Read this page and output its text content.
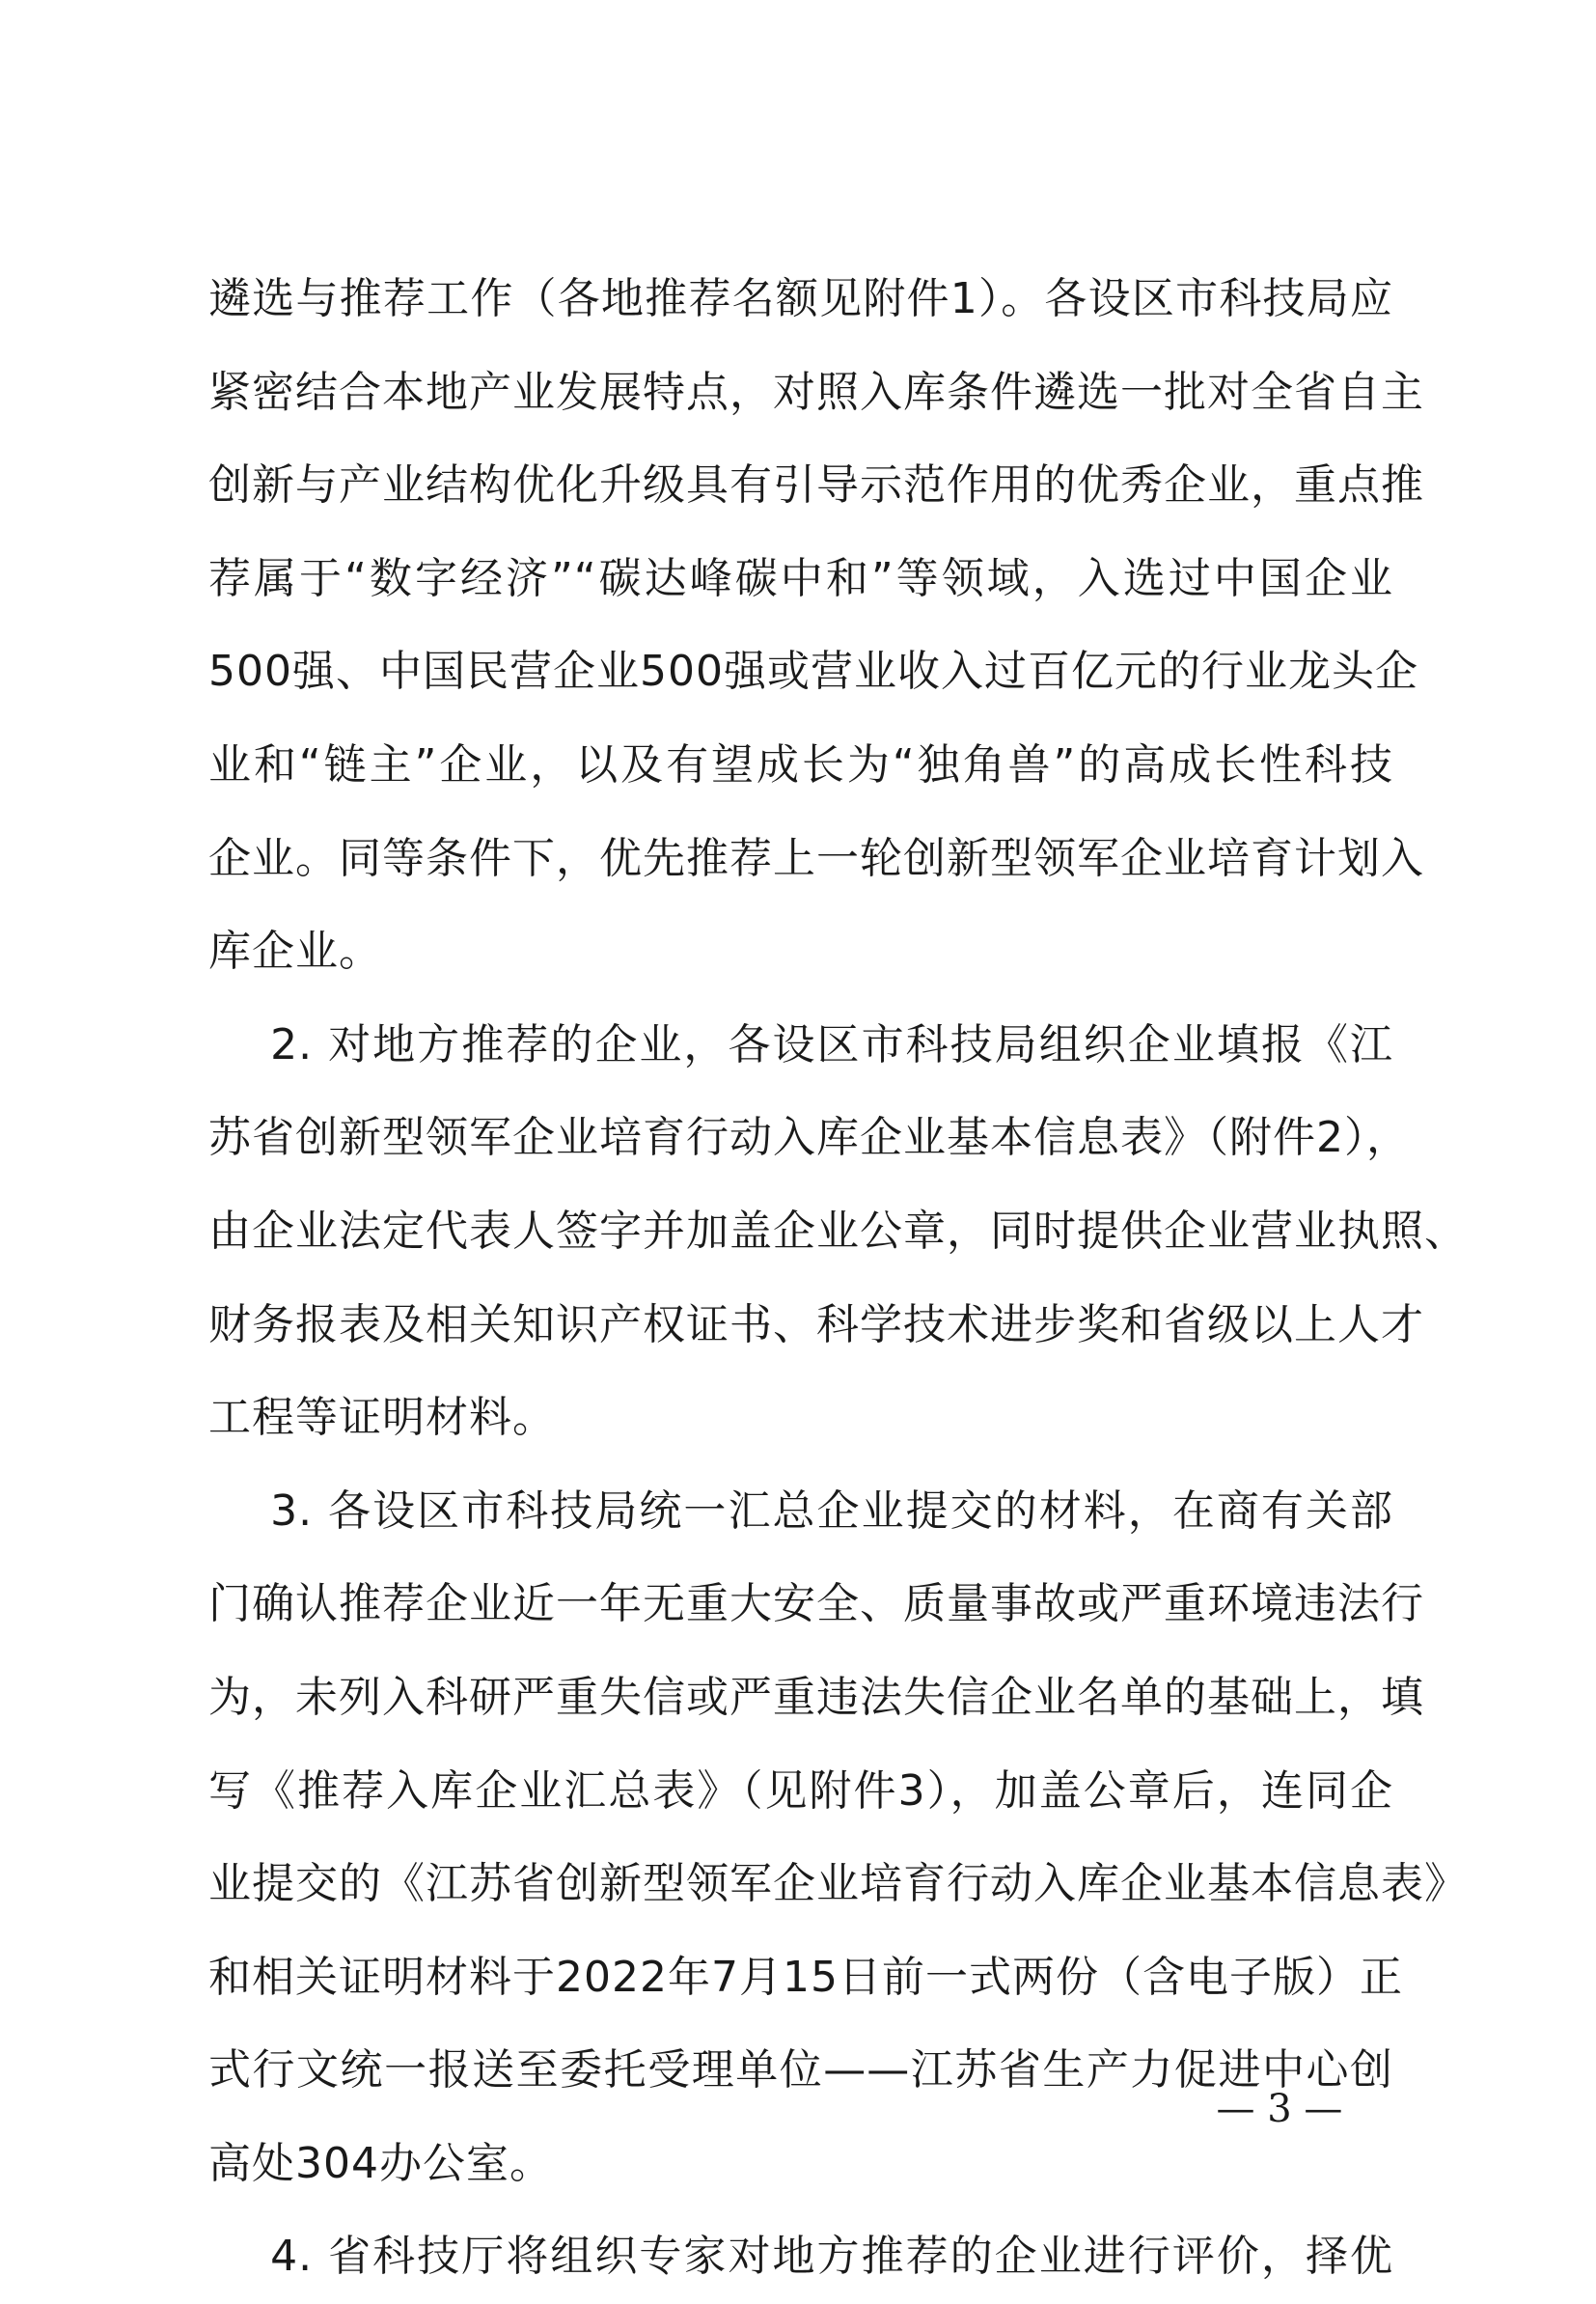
遴选与推荐工作（各地推荐名额见附件1）。各设区市科技局应
紧密结合本地产业发展特点，对照入库条件遴选一批对全省自主
创新与产业结构优化升级具有引导示范作用的优秀企业，重点推
荐属于“数字经济”“碳达峰碳中和”等领域，入选过中国企业
500强、中国民营企业500强或营业收入过百亿元的行业龙头企
业和“链主”企业，以及有望成长为“独角兽”的高成长性科技
企业。同等条件下，优先推荐上一轮创新型领军企业培育计划入
库企业。
2. 对地方推荐的企业，各设区市科技局组织企业填报《江
苏省创新型领军企业培育行动入库企业基本信息表》（附件2），
由企业法定代表人签字并加盖企业公章，同时提供企业营业执照、
财务报表及相关知识产权证书、科学技术进步奖和省级以上人才
工程等证明材料。
3. 各设区市科技局统一汇总企业提交的材料，在商有关部
门确认推荐企业近一年无重大安全、质量事故或严重环境违法行
为，未列入科研严重失信或严重违法失信企业名单的基础上，填
写《推荐入库企业汇总表》（见附件3），加盖公章后，连同企
业提交的《江苏省创新型领军企业培育行动入库企业基本信息表》
和相关证明材料于2022年7月15日前一式两份（含电子版）正
式行文统一报送至委托受理单位——江苏省生产力促进中心创
高处304办公室。
4. 省科技厅将组织专家对地方推荐的企业进行评价，择优
— 3 —
